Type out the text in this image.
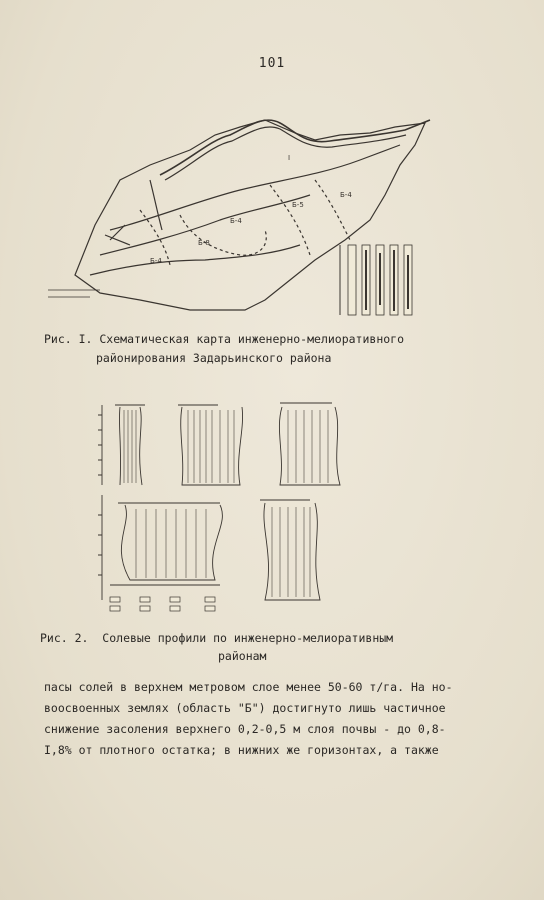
101
I
Б-5
Б-4
Б-4
Б-8
Б-4
Рис. I. Схематическая карта инженерно-мелиоративного
районирования Задарьинского района
Рис. 2.  Солевые профили по инженерно-мелиоративным
районам
пасы солей в верхнем метровом слое менее 50-60 т/га. На но-
воосвоенных землях (область "Б") достигнуто лишь частичное
снижение засоления верхнего 0,2-0,5 м слоя почвы - до 0,8-
I,8% от плотного остатка; в нижних же горизонтах, а также
